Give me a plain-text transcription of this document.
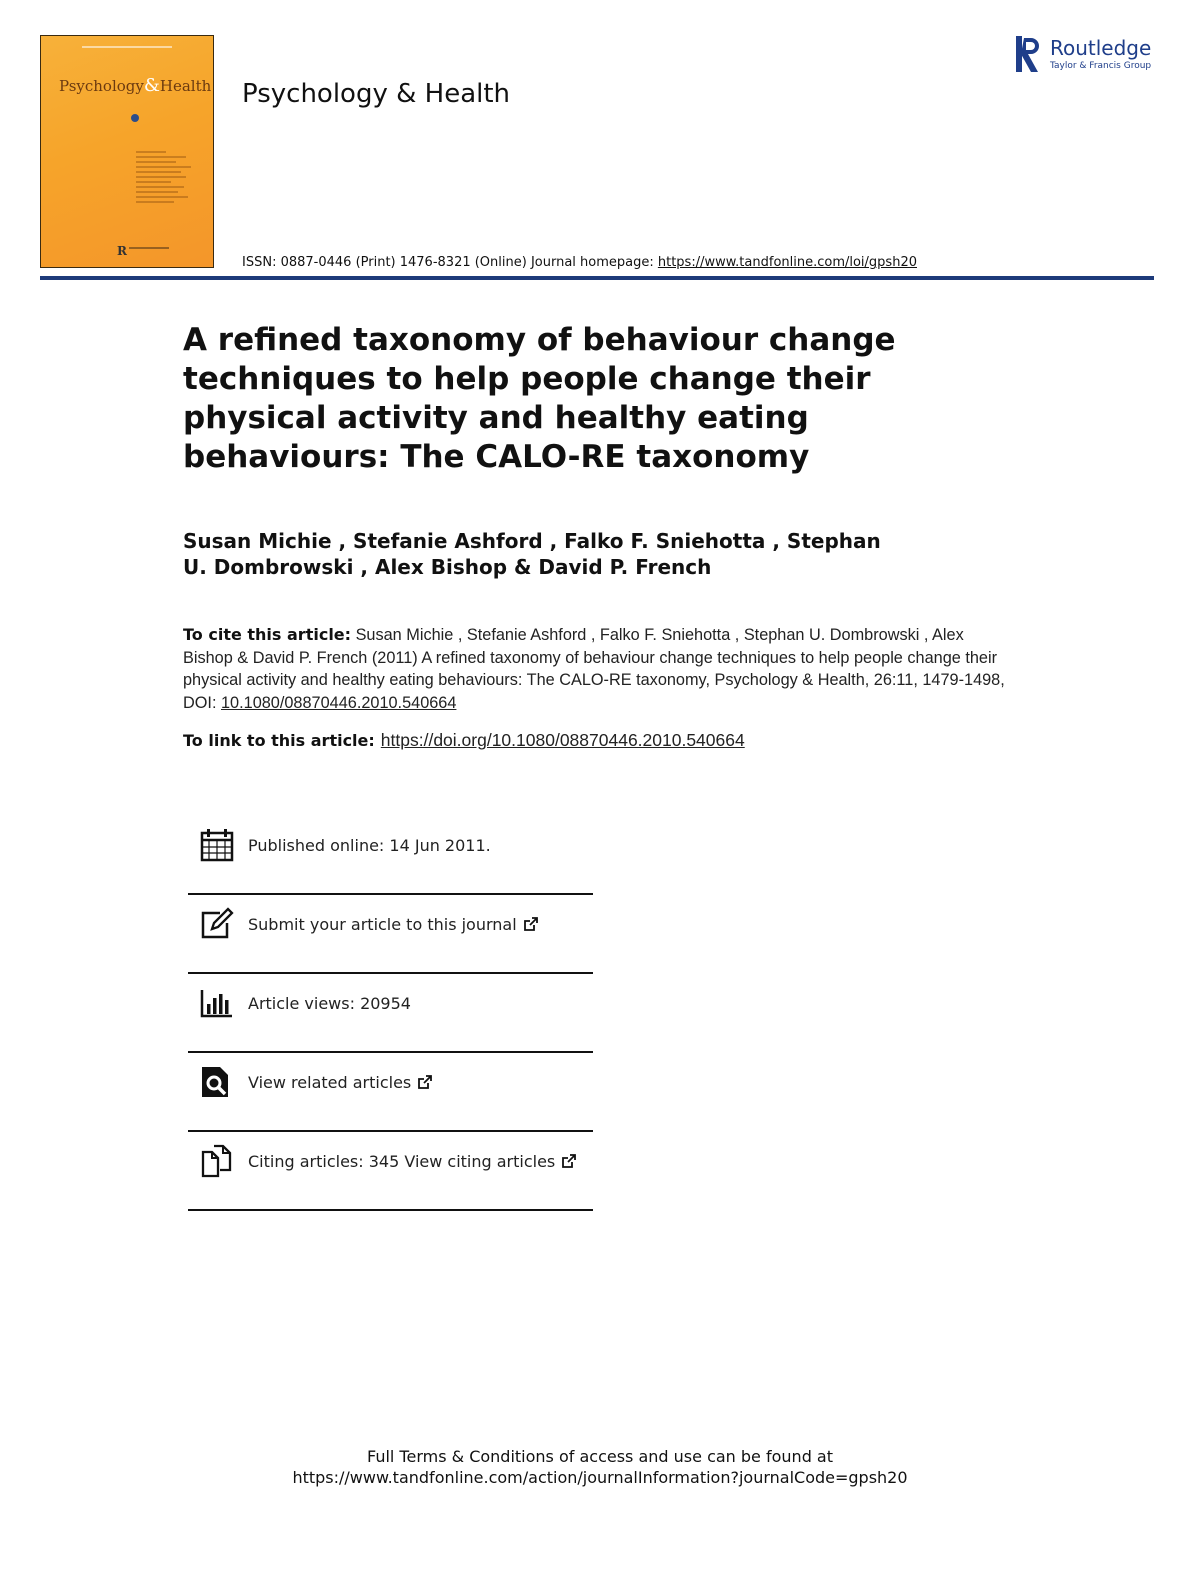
Psychology&Health
R
Psychology & Health
ISSN: 0887-0446 (Print) 1476-8321 (Online) Journal homepage: https://www.tandfonline.com/loi/gpsh20
Routledge
Taylor & Francis Group
A refined taxonomy of behaviour change techniques to help people change their physical activity and healthy eating behaviours: The CALO-RE taxonomy
Susan Michie , Stefanie Ashford , Falko F. Sniehotta , Stephan U. Dombrowski , Alex Bishop & David P. French
To cite this article: Susan Michie , Stefanie Ashford , Falko F. Sniehotta , Stephan U. Dombrowski , Alex Bishop & David P. French (2011) A refined taxonomy of behaviour change techniques to help people change their physical activity and healthy eating behaviours: The CALO-RE taxonomy, Psychology & Health, 26:11, 1479-1498, DOI: 10.1080/08870446.2010.540664
To link to this article: https://doi.org/10.1080/08870446.2010.540664
Published online: 14 Jun 2011.
Submit your article to this journal
Article views: 20954
View related articles
Citing articles: 345 View citing articles
Full Terms & Conditions of access and use can be found at
https://www.tandfonline.com/action/journalInformation?journalCode=gpsh20
